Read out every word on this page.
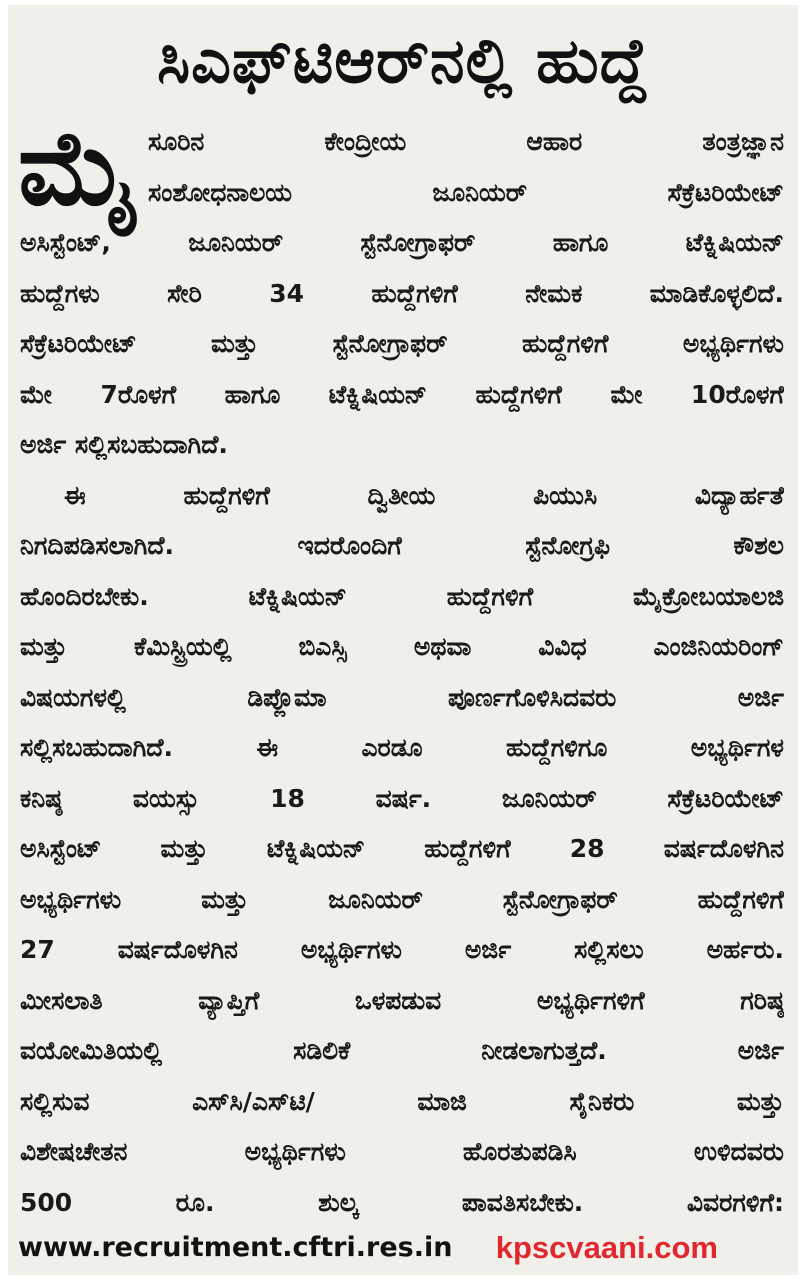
ಸಿಎಫ್‌ಟಿಆರ್‌ನಲ್ಲಿ ಹುದ್ದೆ
ಮೈ ಸೂರಿನ ಕೇಂದ್ರೀಯ ಆಹಾರ ತಂತ್ರಜ್ಞಾನ
ಸಂಶೋಧನಾಲಯ ಜೂನಿಯರ್ ಸೆಕ್ರೆಟರಿಯೇಟ್
ಅಸಿಸ್ಟೆಂಟ್, ಜೂನಿಯರ್ ಸ್ಟೆನೋಗ್ರಾಫರ್ ಹಾಗೂ ಟೆಕ್ನಿಷಿಯನ್
ಹುದ್ದೆಗಳು ಸೇರಿ 34 ಹುದ್ದೆಗಳಿಗೆ ನೇಮಕ ಮಾಡಿಕೊಳ್ಳಲಿದೆ.
ಸೆಕ್ರೆಟರಿಯೇಟ್ ಮತ್ತು ಸ್ಟೆನೋಗ್ರಾಫರ್ ಹುದ್ದೆಗಳಿಗೆ ಅಭ್ಯರ್ಥಿಗಳು
ಮೇ 7ರೊಳಗೆ ಹಾಗೂ ಟೆಕ್ನಿಷಿಯನ್ ಹುದ್ದೆಗಳಿಗೆ ಮೇ 10ರೊಳಗೆ
ಅರ್ಜಿ ಸಲ್ಲಿಸಬಹುದಾಗಿದೆ.
ಈ ಹುದ್ದೆಗಳಿಗೆ ದ್ವಿತೀಯ ಪಿಯುಸಿ ವಿದ್ಯಾರ್ಹತೆ
ನಿಗದಿಪಡಿಸಲಾಗಿದೆ. ಇದರೊಂದಿಗೆ ಸ್ಟೆನೋಗ್ರಫಿ ಕೌಶಲ
ಹೊಂದಿರಬೇಕು. ಟೆಕ್ನಿಷಿಯನ್ ಹುದ್ದೆಗಳಿಗೆ ಮೈಕ್ರೋಬಯಾಲಜಿ
ಮತ್ತು ಕೆಮಿಸ್ಟ್ರಿಯಲ್ಲಿ ಬಿಎಸ್ಸಿ ಅಥವಾ ವಿವಿಧ ಎಂಜಿನಿಯರಿಂಗ್
ವಿಷಯಗಳಲ್ಲಿ ಡಿಪ್ಲೊಮಾ ಪೂರ್ಣಗೊಳಿಸಿದವರು ಅರ್ಜಿ
ಸಲ್ಲಿಸಬಹುದಾಗಿದೆ. ಈ ಎರಡೂ ಹುದ್ದೆಗಳಿಗೂ ಅಭ್ಯರ್ಥಿಗಳ
ಕನಿಷ್ಠ ವಯಸ್ಸು 18 ವರ್ಷ. ಜೂನಿಯರ್ ಸೆಕ್ರೆಟರಿಯೇಟ್
ಅಸಿಸ್ಟೆಂಟ್ ಮತ್ತು ಟೆಕ್ನಿಷಿಯನ್ ಹುದ್ದೆಗಳಿಗೆ 28 ವರ್ಷದೊಳಗಿನ
ಅಭ್ಯರ್ಥಿಗಳು ಮತ್ತು ಜೂನಿಯರ್ ಸ್ಟೆನೋಗ್ರಾಫರ್ ಹುದ್ದೆಗಳಿಗೆ
27 ವರ್ಷದೊಳಗಿನ ಅಭ್ಯರ್ಥಿಗಳು ಅರ್ಜಿ ಸಲ್ಲಿಸಲು ಅರ್ಹರು.
ಮೀಸಲಾತಿ ವ್ಯಾಪ್ತಿಗೆ ಒಳಪಡುವ ಅಭ್ಯರ್ಥಿಗಳಿಗೆ ಗರಿಷ್ಠ
ವಯೋಮಿತಿಯಲ್ಲಿ ಸಡಿಲಿಕೆ ನೀಡಲಾಗುತ್ತದೆ. ಅರ್ಜಿ
ಸಲ್ಲಿಸುವ ಎಸ್‌ಸಿ/ಎಸ್‌ಟಿ/ ಮಾಜಿ ಸೈನಿಕರು ಮತ್ತು
ವಿಶೇಷಚೇತನ ಅಭ್ಯರ್ಥಿಗಳು ಹೊರತುಪಡಿಸಿ ಉಳಿದವರು
500 ರೂ. ಶುಲ್ಕ ಪಾವತಿಸಬೇಕು. ವಿವರಗಳಿಗೆ:
www.recruitment.cftri.res.in kpscvaani.com
